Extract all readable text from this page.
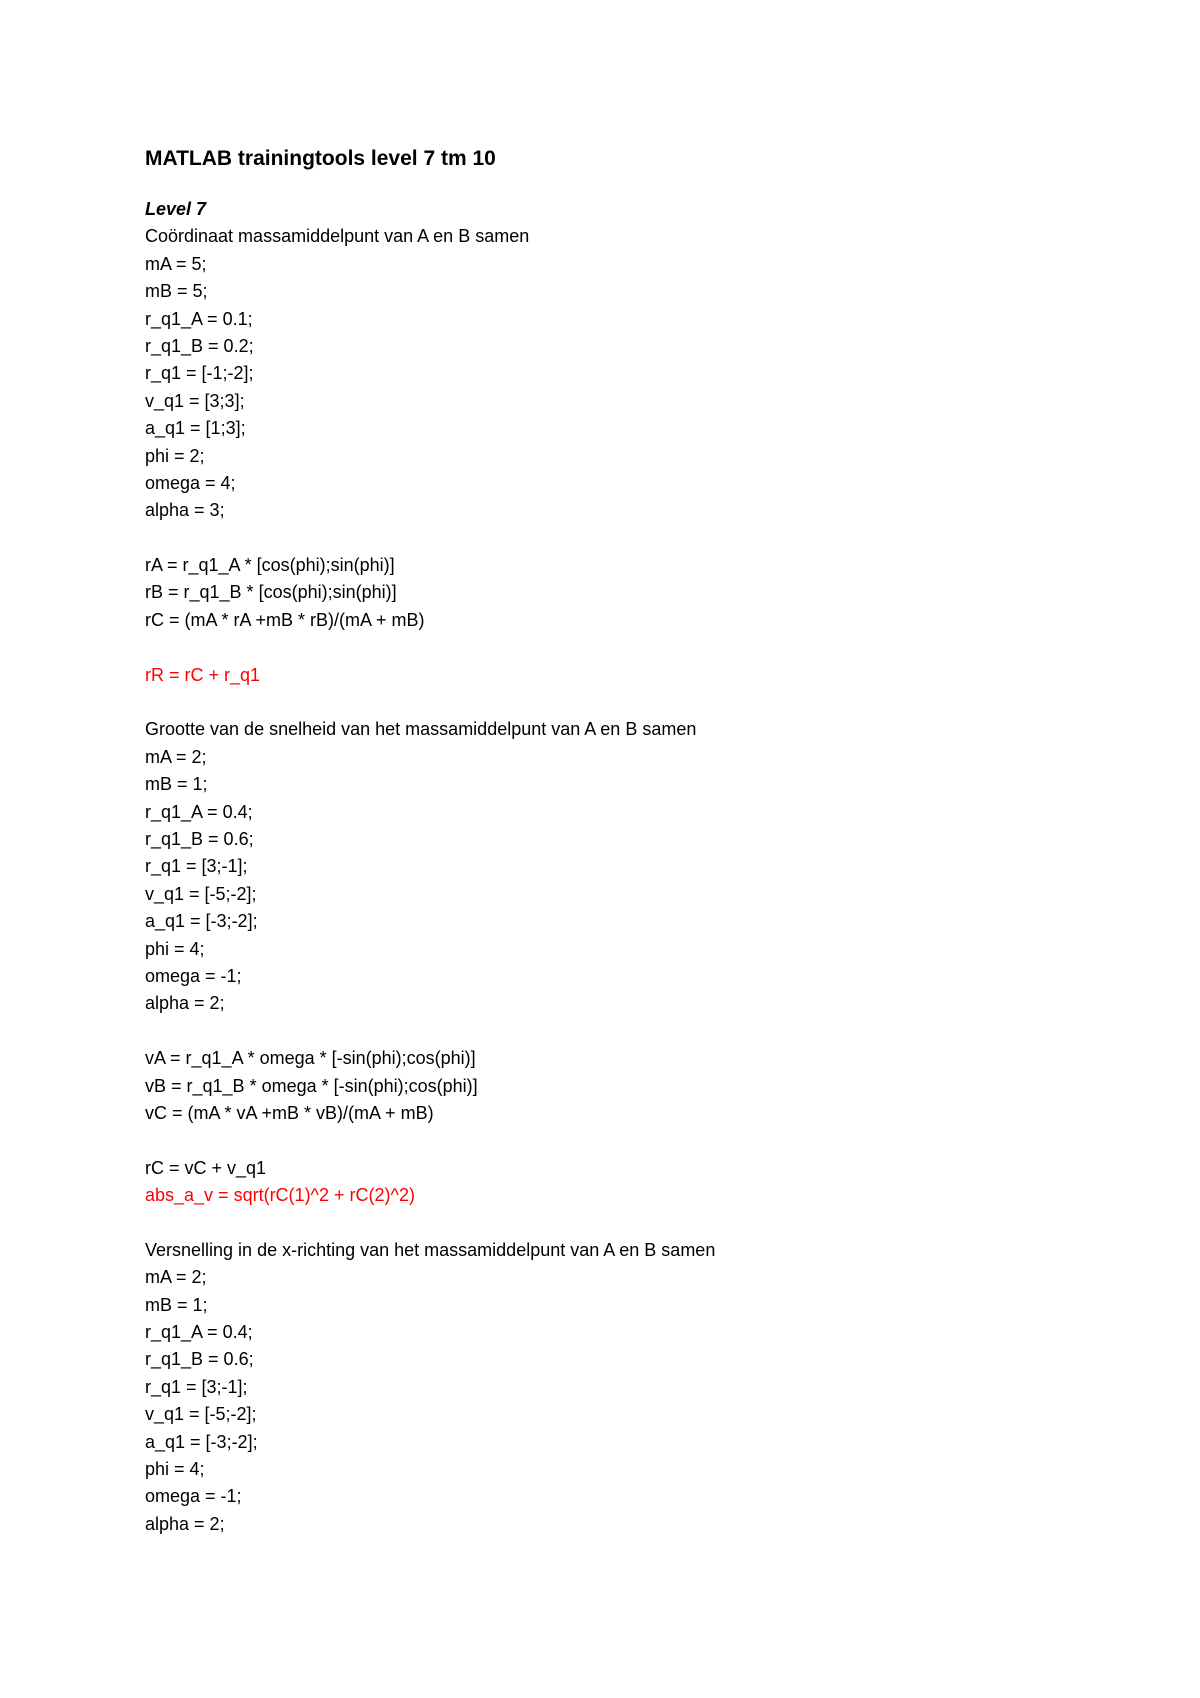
MATLAB trainingtools level 7 tm 10
Level 7
Coördinaat massamiddelpunt van A en B samen
mA = 5;
mB = 5;
r_q1_A = 0.1;
r_q1_B = 0.2;
r_q1 = [-1;-2];
v_q1 = [3;3];
a_q1 = [1;3];
phi = 2;
omega = 4;
alpha = 3;
rA = r_q1_A * [cos(phi);sin(phi)]
rB = r_q1_B * [cos(phi);sin(phi)]
rC = (mA * rA +mB * rB)/(mA + mB)
rR = rC + r_q1
Grootte van de snelheid van het massamiddelpunt van A en B samen
mA = 2;
mB = 1;
r_q1_A = 0.4;
r_q1_B = 0.6;
r_q1 = [3;-1];
v_q1 = [-5;-2];
a_q1 = [-3;-2];
phi = 4;
omega = -1;
alpha = 2;
vA = r_q1_A * omega * [-sin(phi);cos(phi)]
vB = r_q1_B * omega * [-sin(phi);cos(phi)]
vC = (mA * vA +mB * vB)/(mA + mB)
rC = vC + v_q1
abs_a_v = sqrt(rC(1)^2 + rC(2)^2)
Versnelling in de x-richting van het massamiddelpunt van A en B samen
mA = 2;
mB = 1;
r_q1_A = 0.4;
r_q1_B = 0.6;
r_q1 = [3;-1];
v_q1 = [-5;-2];
a_q1 = [-3;-2];
phi = 4;
omega = -1;
alpha = 2;
